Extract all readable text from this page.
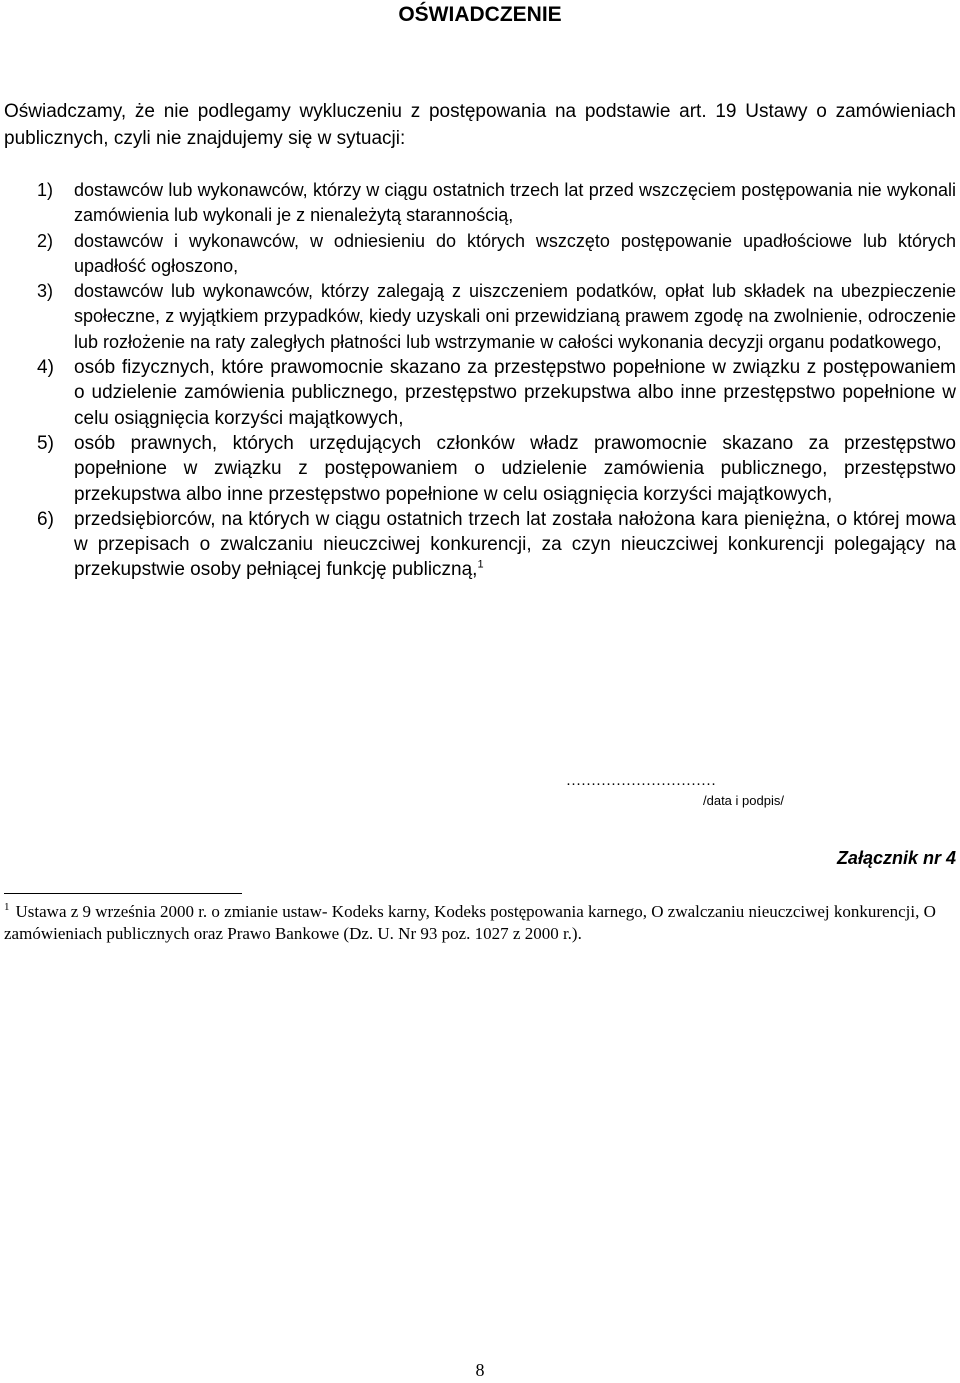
OŚWIADCZENIE

Oświadczamy, że nie podlegamy wykluczeniu z postępowania na podstawie art. 19 Ustawy o zamówieniach publicznych, czyli nie znajdujemy się w sytuacji:

1) dostawców lub wykonawców, którzy w ciągu ostatnich trzech lat przed wszczęciem postępowania nie wykonali zamówienia lub wykonali je z nienależytą starannością,
2) dostawców i wykonawców, w odniesieniu do których wszczęto postępowanie upadłościowe lub których upadłość ogłoszono,
3) dostawców lub wykonawców, którzy zalegają z uiszczeniem podatków, opłat lub składek na ubezpieczenie społeczne, z wyjątkiem przypadków, kiedy uzyskali oni przewidzianą prawem zgodę na zwolnienie, odroczenie lub rozłożenie na raty zaległych płatności lub wstrzymanie w całości wykonania decyzji organu podatkowego,
4) osób fizycznych, które prawomocnie skazano za przestępstwo popełnione w związku z postępowaniem o udzielenie zamówienia publicznego, przestępstwo przekupstwa albo inne przestępstwo popełnione w celu osiągnięcia korzyści majątkowych,
5) osób prawnych, których urzędujących członków władz prawomocnie skazano za przestępstwo popełnione w związku z postępowaniem o udzielenie zamówienia publicznego, przestępstwo przekupstwa albo inne przestępstwo popełnione w celu osiągnięcia korzyści majątkowych,
6) przedsiębiorców, na których w ciągu ostatnich trzech lat została nałożona kara pieniężna, o której mowa w przepisach o zwalczaniu nieuczciwej konkurencji, za czyn nieuczciwej konkurencji polegający na przekupstwie osoby pełniącej funkcję publiczną,$^1$
…………………………
/data i podpis/
Załącznik nr 4

$^1$ Ustawa z 9 września 2000 r. o zmianie ustaw- Kodeks karny, Kodeks postępowania karnego, O zwalczaniu nieuczciwej konkurencji, O zamówieniach publicznych oraz Prawo Bankowe (Dz. U. Nr 93 poz. 1027 z 2000 r.).

8
